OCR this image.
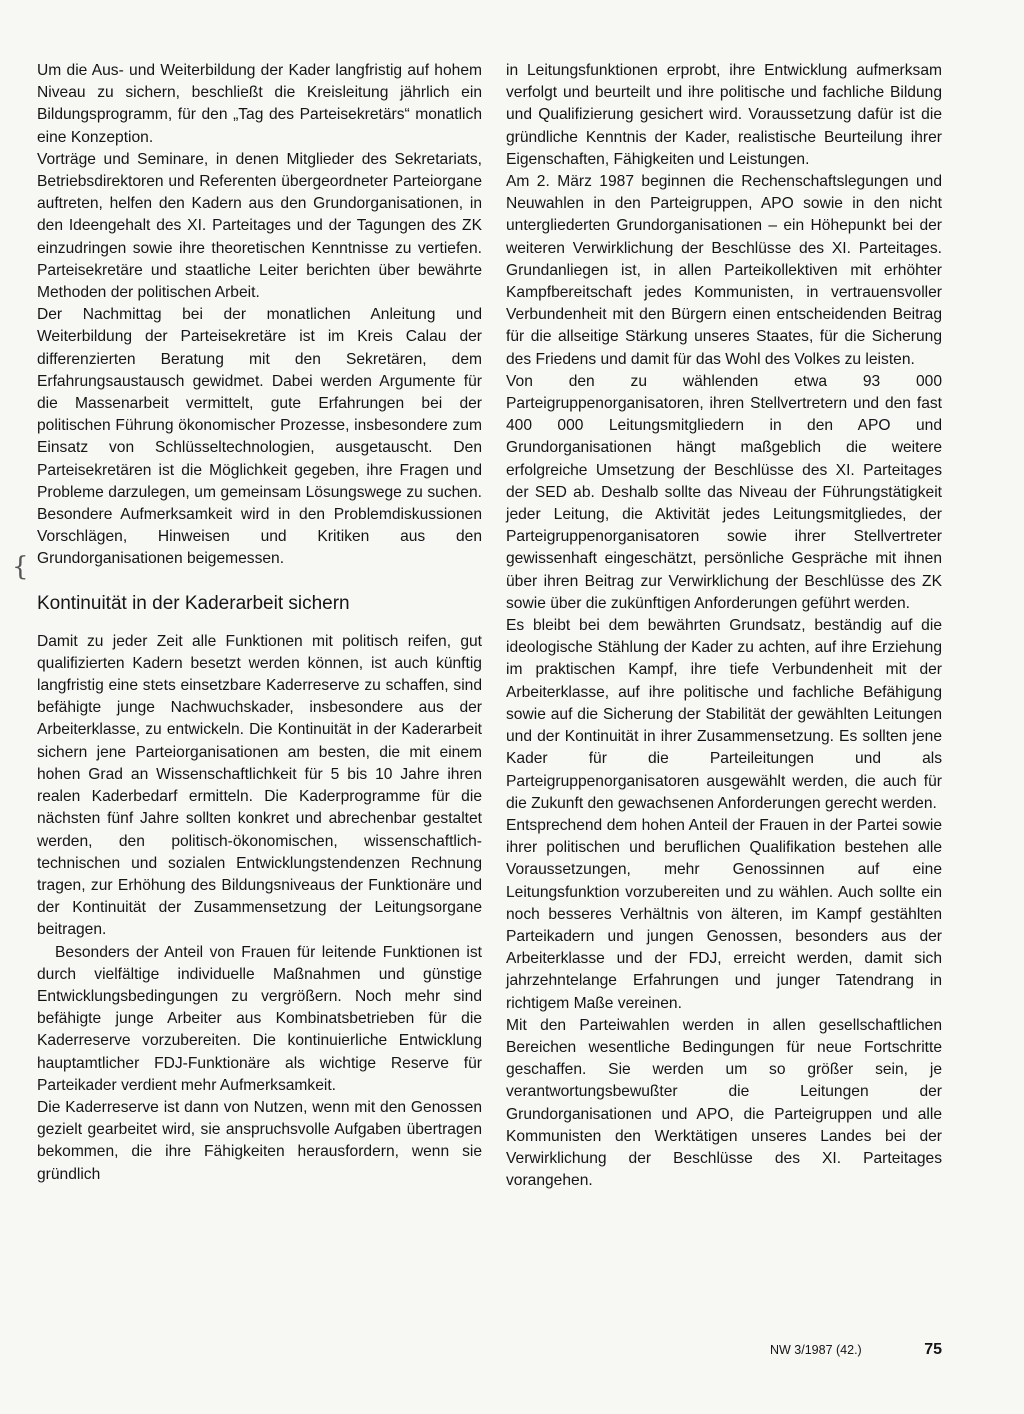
Um die Aus- und Weiterbildung der Kader langfristig auf hohem Niveau zu sichern, beschließt die Kreisleitung jährlich ein Bildungsprogramm, für den „Tag des Parteisekretärs“ monatlich eine Konzeption.

Vorträge und Seminare, in denen Mitglieder des Sekretariats, Betriebsdirektoren und Referenten übergeordneter Parteiorgane auftreten, helfen den Kadern aus den Grundorganisationen, in den Ideengehalt des XI. Parteitages und der Tagungen des ZK einzudringen sowie ihre theoretischen Kenntnisse zu vertiefen. Parteisekretäre und staatliche Leiter berichten über bewährte Methoden der politischen Arbeit.

Der Nachmittag bei der monatlichen Anleitung und Weiterbildung der Parteisekretäre ist im Kreis Calau der differenzierten Beratung mit den Sekretären, dem Erfahrungsaustausch gewidmet. Dabei werden Argumente für die Massenarbeit vermittelt, gute Erfahrungen bei der politischen Führung ökonomischer Prozesse, insbesondere zum Einsatz von Schlüsseltechnologien, ausgetauscht. Den Parteisekretären ist die Möglichkeit gegeben, ihre Fragen und Probleme darzulegen, um gemeinsam Lösungswege zu suchen. Besondere Aufmerksamkeit wird in den Problemdiskussionen Vorschlägen, Hinweisen und Kritiken aus den Grundorganisationen beigemessen.

Kontinuität in der Kaderarbeit sichern

Damit zu jeder Zeit alle Funktionen mit politisch reifen, gut qualifizierten Kadern besetzt werden können, ist auch künftig langfristig eine stets einsetzbare Kaderreserve zu schaffen, sind befähigte junge Nachwuchskader, insbesondere aus der Arbeiterklasse, zu entwickeln. Die Kontinuität in der Kaderarbeit sichern jene Parteiorganisationen am besten, die mit einem hohen Grad an Wissenschaftlichkeit für 5 bis 10 Jahre ihren realen Kaderbedarf ermitteln. Die Kaderprogramme für die nächsten fünf Jahre sollten konkret und abrechenbar gestaltet werden, den politisch-ökonomischen, wissenschaftlich-technischen und sozialen Entwicklungstendenzen Rechnung tragen, zur Erhöhung des Bildungsniveaus der Funktionäre und der Kontinuität der Zusammensetzung der Leitungsorgane beitragen.

Besonders der Anteil von Frauen für leitende Funktionen ist durch vielfältige individuelle Maßnahmen und günstige Entwicklungsbedingungen zu vergrößern. Noch mehr sind befähigte junge Arbeiter aus Kombinatsbetrieben für die Kaderreserve vorzubereiten. Die kontinuierliche Entwicklung hauptamtlicher FDJ-Funktionäre als wichtige Reserve für Parteikader verdient mehr Aufmerksamkeit.

Die Kaderreserve ist dann von Nutzen, wenn mit den Genossen gezielt gearbeitet wird, sie anspruchsvolle Aufgaben übertragen bekommen, die ihre Fähigkeiten herausfordern, wenn sie gründlich

{

in Leitungsfunktionen erprobt, ihre Entwicklung aufmerksam verfolgt und beurteilt und ihre politische und fachliche Bildung und Qualifizierung gesichert wird. Voraussetzung dafür ist die gründliche Kenntnis der Kader, realistische Beurteilung ihrer Eigenschaften, Fähigkeiten und Leistungen.

Am 2. März 1987 beginnen die Rechenschaftslegungen und Neuwahlen in den Parteigruppen, APO sowie in den nicht untergliederten Grundorganisationen – ein Höhepunkt bei der weiteren Verwirklichung der Beschlüsse des XI. Parteitages. Grundanliegen ist, in allen Parteikollektiven mit erhöhter Kampfbereitschaft jedes Kommunisten, in vertrauensvoller Verbundenheit mit den Bürgern einen entscheidenden Beitrag für die allseitige Stärkung unseres Staates, für die Sicherung des Friedens und damit für das Wohl des Volkes zu leisten.

Von den zu wählenden etwa 93 000 Parteigruppenorganisatoren, ihren Stellvertretern und den fast 400 000 Leitungsmitgliedern in den APO und Grundorganisationen hängt maßgeblich die weitere erfolgreiche Umsetzung der Beschlüsse des XI. Parteitages der SED ab. Deshalb sollte das Niveau der Führungstätigkeit jeder Leitung, die Aktivität jedes Leitungsmitgliedes, der Parteigruppenorganisatoren sowie ihrer Stellvertreter gewissenhaft eingeschätzt, persönliche Gespräche mit ihnen über ihren Beitrag zur Verwirklichung der Beschlüsse des ZK sowie über die zukünftigen Anforderungen geführt werden.

Es bleibt bei dem bewährten Grundsatz, beständig auf die ideologische Stählung der Kader zu achten, auf ihre Erziehung im praktischen Kampf, ihre tiefe Verbundenheit mit der Arbeiterklasse, auf ihre politische und fachliche Befähigung sowie auf die Sicherung der Stabilität der gewählten Leitungen und der Kontinuität in ihrer Zusammensetzung. Es sollten jene Kader für die Parteileitungen und als Parteigruppenorganisatoren ausgewählt werden, die auch für die Zukunft den gewachsenen Anforderungen gerecht werden.

Entsprechend dem hohen Anteil der Frauen in der Partei sowie ihrer politischen und beruflichen Qualifikation bestehen alle Voraussetzungen, mehr Genossinnen auf eine Leitungsfunktion vorzubereiten und zu wählen. Auch sollte ein noch besseres Verhältnis von älteren, im Kampf gestählten Parteikadern und jungen Genossen, besonders aus der Arbeiterklasse und der FDJ, erreicht werden, damit sich jahrzehntelange Erfahrungen und junger Tatendrang in richtigem Maße vereinen.

Mit den Parteiwahlen werden in allen gesellschaftlichen Bereichen wesentliche Bedingungen für neue Fortschritte geschaffen. Sie werden um so größer sein, je verantwortungsbewußter die Leitungen der Grundorganisationen und APO, die Parteigruppen und alle Kommunisten den Werktätigen unseres Landes bei der Verwirklichung der Beschlüsse des XI. Parteitages vorangehen.

NW 3/1987 (42.)	75
